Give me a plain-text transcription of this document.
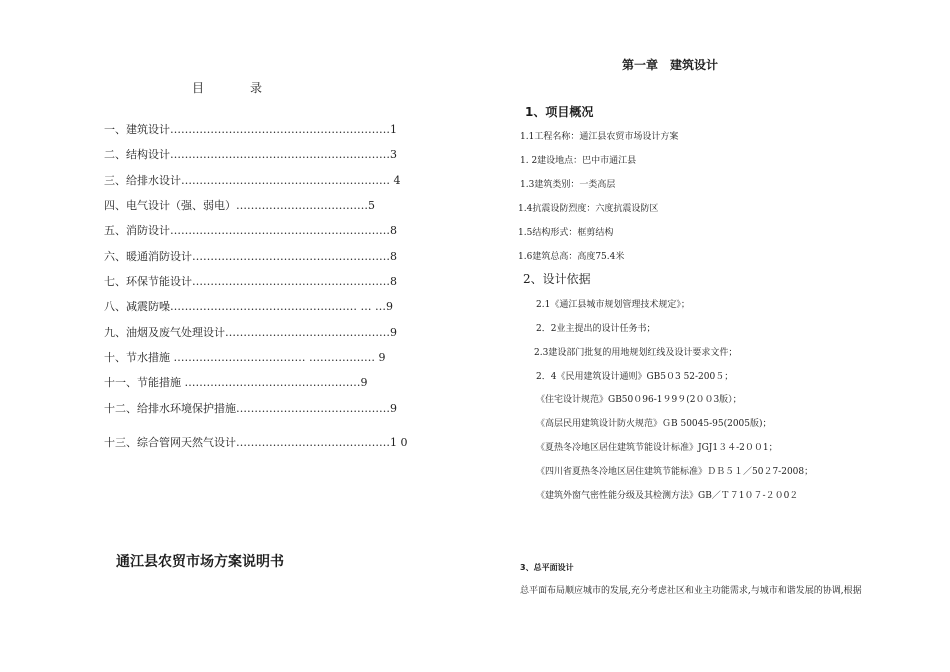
目	录
一、建筑设计……………………………………………………1
二、结构设计……………………………………………………3
三、给排水设计………………………………………………… 4
四、电气设计（强、弱电）………………………………5
五、消防设计……………………………………………………8
六、暖通消防设计………………………………………………8
七、环保节能设计………………………………………………8
八、减震防噪…………………………………………… … …9
九、油烟及废气处理设计………………………………………9
十、节水措施 ……………………………… ……………… 9
十一、节能措施 …………………………………………9
十二、给排水环境保护措施……………………………………9
十三、综合管网天然气设计……………………………………1 0
通江县农贸市场方案说明书
第一章 建筑设计
1、项目概况
1.1工程名称：通江县农贸市场设计方案
1. 2建设地点：巴中市通江县
1.3建筑类别：一类高层
1.4抗震设防烈度：六度抗震设防区
1.5结构形式：框剪结构
1.6建筑总高：高度75.4米
2、设计依据
2.1《通江县城市规划管理技术规定》；
2．2业主提出的设计任务书；
2.3建设部门批复的用地规划红线及设计要求文件；
2．4《民用建筑设计通则》GB5０3 52-200５；
《住宅设计规范》GB50０96-1９9９(2００3版）；
《高层民用建筑设计防火规范》ＧB 50045-95(2005版)；
《夏热冬冷地区居住建筑节能设计标准》JGJ1３４-2００1；
《四川省夏热冬冷地区居住建筑节能标准》ＤＢ５１／50２7-2008；
《建筑外窗气密性能分级及其检测方法》GB／Ｔ７1０７-２０0２
3、总平面设计
总平面布局顺应城市的发展,充分考虑社区和业主功能需求,与城市和谐发展的协调,根据
